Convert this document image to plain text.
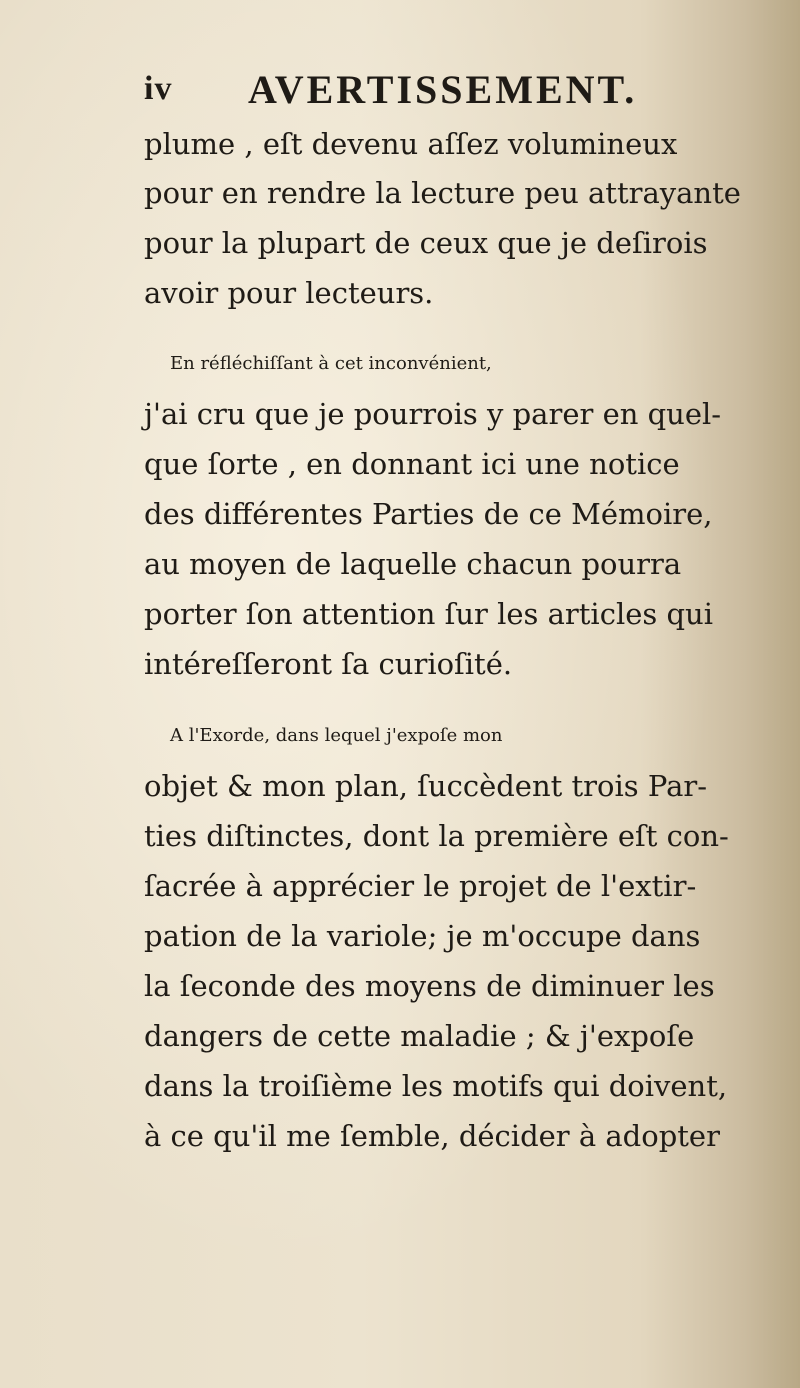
iv AVERTISSEMENT.
plume , eſt devenu aſſez volumineux
pour en rendre la lecture peu attrayante
pour la plupart de ceux que je deſirois
avoir pour lecteurs.
En réfléchiſſant à cet inconvénient,
j'ai cru que je pourrois y parer en quel-
que ſorte , en donnant ici une notice
des différentes Parties de ce Mémoire,
au moyen de laquelle chacun pourra
porter ſon attention ſur les articles qui
intéreſſeront ſa curioſité.
A l'Exorde, dans lequel j'expoſe mon
objet & mon plan, ſuccèdent trois Par-
ties diſtinctes, dont la première eſt con-
ſacrée à apprécier le projet de l'extir-
pation de la variole; je m'occupe dans
la ſeconde des moyens de diminuer les
dangers de cette maladie ; & j'expoſe
dans la troiſième les motifs qui doivent,
à ce qu'il me ſemble, décider à adopter
